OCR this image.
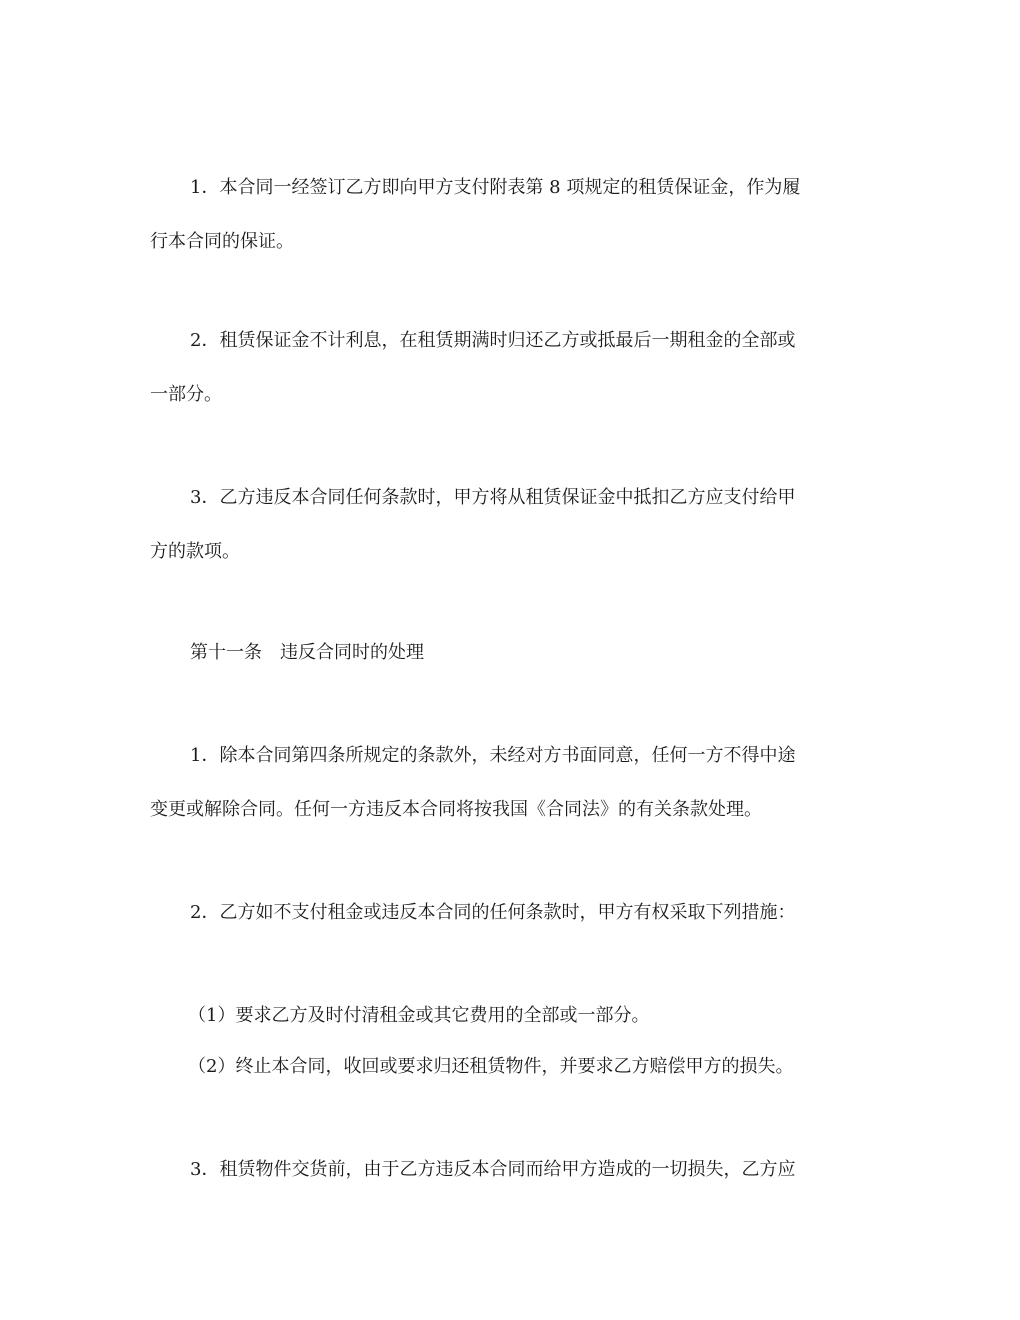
1．本合同一经签订乙方即向甲方支付附表第 8 项规定的租赁保证金，作为履
行本合同的保证。
2．租赁保证金不计利息，在租赁期满时归还乙方或抵最后一期租金的全部或
一部分。
3．乙方违反本合同任何条款时，甲方将从租赁保证金中抵扣乙方应支付给甲
方的款项。
第十一条　违反合同时的处理
1．除本合同第四条所规定的条款外，未经对方书面同意，任何一方不得中途
变更或解除合同。任何一方违反本合同将按我国《合同法》的有关条款处理。
2．乙方如不支付租金或违反本合同的任何条款时，甲方有权采取下列措施：
（1）要求乙方及时付清租金或其它费用的全部或一部分。
（2）终止本合同，收回或要求归还租赁物件，并要求乙方赔偿甲方的损失。
3．租赁物件交货前，由于乙方违反本合同而给甲方造成的一切损失，乙方应
